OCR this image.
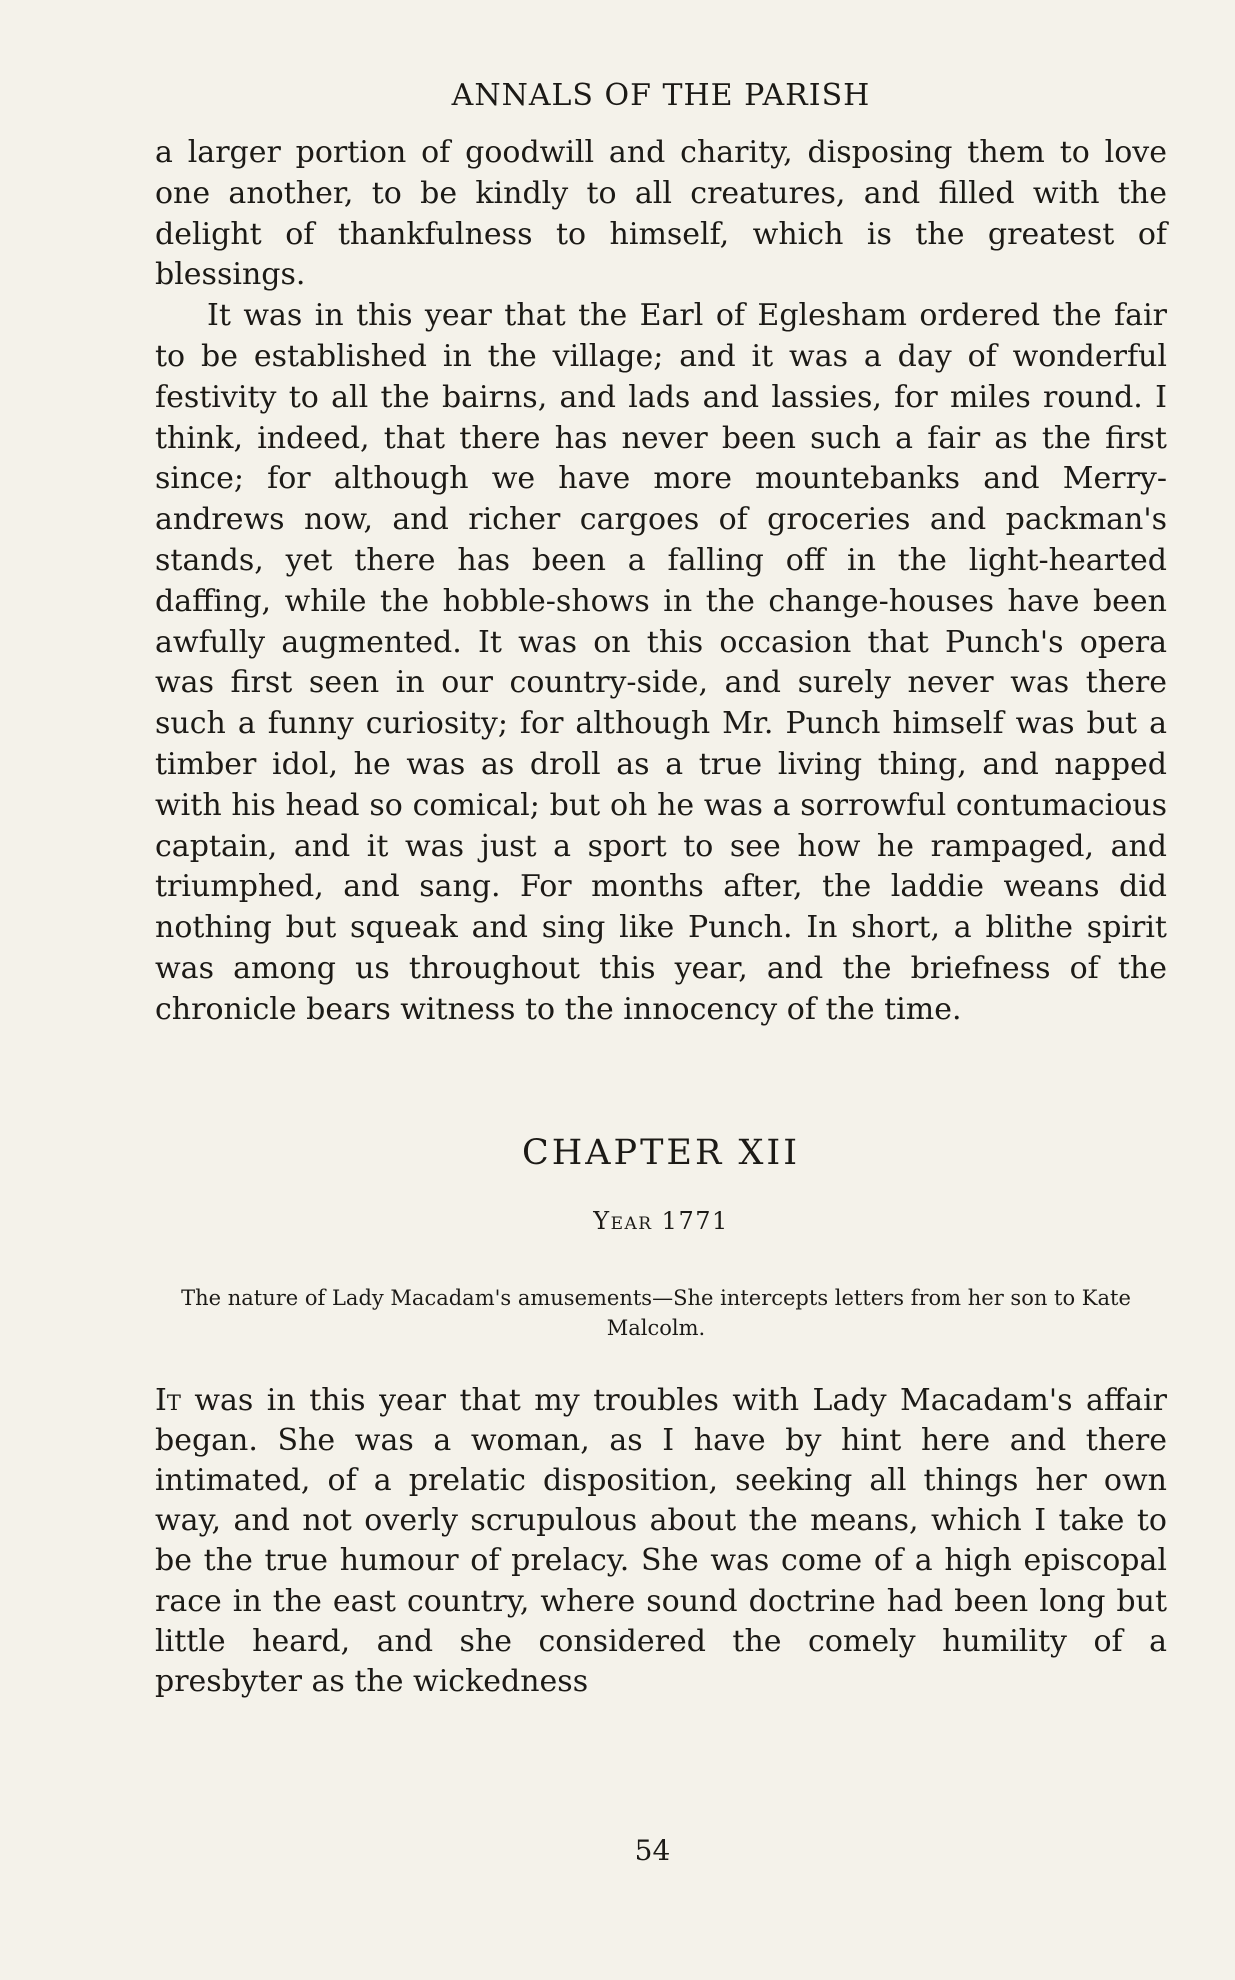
ANNALS OF THE PARISH

a larger portion of goodwill and charity, disposing them to love one another, to be kindly to all creatures, and filled with the delight of thankfulness to himself, which is the greatest of blessings.

It was in this year that the Earl of Eglesham ordered the fair to be established in the village; and it was a day of wonderful festivity to all the bairns, and lads and lassies, for miles round. I think, indeed, that there has never been such a fair as the first since; for although we have more mountebanks and Merry-andrews now, and richer cargoes of groceries and packman's stands, yet there has been a falling off in the light-hearted daffing, while the hobble-shows in the change-houses have been awfully augmented. It was on this occasion that Punch's opera was first seen in our country-side, and surely never was there such a funny curiosity; for although Mr. Punch himself was but a timber idol, he was as droll as a true living thing, and napped with his head so comical; but oh he was a sorrowful contumacious captain, and it was just a sport to see how he rampaged, and triumphed, and sang. For months after, the laddie weans did nothing but squeak and sing like Punch. In short, a blithe spirit was among us throughout this year, and the briefness of the chronicle bears witness to the innocency of the time.

CHAPTER XII
Year 1771
The nature of Lady Macadam's amusements—She intercepts letters from her son to Kate Malcolm.

It was in this year that my troubles with Lady Macadam's affair began. She was a woman, as I have by hint here and there intimated, of a prelatic disposition, seeking all things her own way, and not overly scrupulous about the means, which I take to be the true humour of prelacy. She was come of a high episcopal race in the east country, where sound doctrine had been long but little heard, and she considered the comely humility of a presbyter as the wickedness

54
